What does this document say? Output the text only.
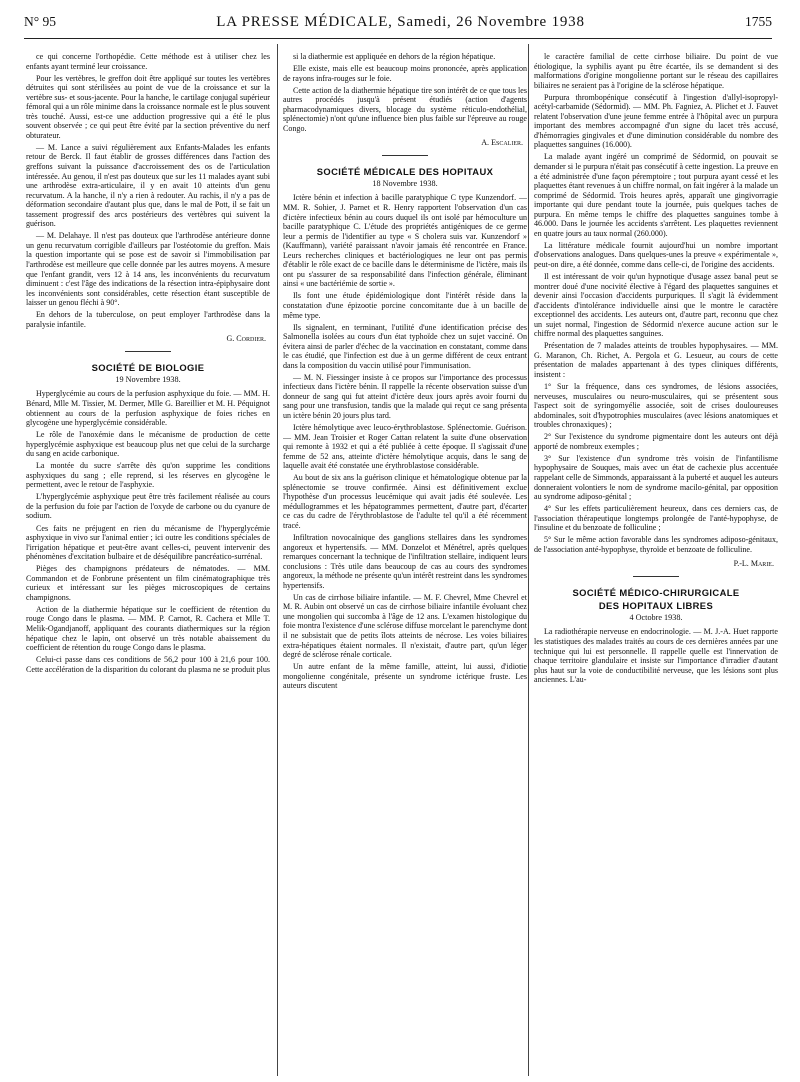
N° 95	LA PRESSE MÉDICALE, Samedi, 26 Novembre 1938	1755

ce qui concerne l'orthopédie. Cette méthode est à utiliser chez les enfants ayant terminé leur croissance.

Pour les vertèbres, le greffon doit être appliqué sur toutes les vertèbres détruites qui sont stérilisées au point de vue de la croissance et sur la vertèbre sus- et sous-jacente. Pour la hanche, le cartilage conjugal supérieur fémoral qui a un rôle minime dans la croissance normale est le plus souvent très touché. Aussi, est-ce une adduction progressive qui a été le plus souvent observée ; ce qui peut être évité par la section préventive du nerf obturateur.

— M. Lance a suivi régulièrement aux Enfants-Malades les enfants retour de Berck. Il faut établir de grosses différences dans l'action des greffons suivant la puissance d'accroissement des os de l'articulation intéressée. Au genou, il n'est pas douteux que sur les 11 malades ayant subi une arthrodèse extra-articulaire, il y en avait 10 atteints d'un genu recurvatum. A la hanche, il n'y a rien à redouter. Au rachis, il n'y a pas de déformation secondaire d'autant plus que, dans le mal de Pott, il se fait un tassement progressif des arcs postérieurs des vertèbres qui suivent la guérison.

— M. Delahaye. Il n'est pas douteux que l'arthrodèse antérieure donne un genu recurvatum corrigible d'ailleurs par l'ostéotomie du greffon. Mais la question importante qui se pose est de savoir si l'immobilisation par l'arthrodèse est meilleure que celle donnée par les autres moyens. A mesure que l'enfant grandit, vers 12 à 14 ans, les inconvénients du recurvatum diminuent : c'est l'âge des indications de la résection intra-épiphysaire dont les inconvénients sont considérables, cette résection étant susceptible de laisser un genou fléchi à 90°.

En dehors de la tuberculose, on peut employer l'arthrodèse dans la paralysie infantile.

G. Cordier.

SOCIÉTÉ DE BIOLOGIE

19 Novembre 1938.

Hyperglycémie au cours de la perfusion asphyxique du foie. — MM. H. Bénard, Mlle M. Tissier, M. Dermer, Mlle G. Bareillier et M. H. Péquignot obtiennent au cours de la perfusion asphyxique de foies riches en glycogène une hyperglycémie considérable.

Le rôle de l'anoxémie dans le mécanisme de production de cette hyperglycémie asphyxique est beaucoup plus net que celui de la surcharge du sang en acide carbonique.

La montée du sucre s'arrête dès qu'on supprime les conditions asphyxiques du sang ; elle reprend, si les réserves en glycogène le permettent, avec le retour de l'asphyxie.

L'hyperglycémie asphyxique peut être très facilement réalisée au cours de la perfusion du foie par l'action de l'oxyde de carbone ou du cyanure de sodium.

Ces faits ne préjugent en rien du mécanisme de l'hyperglycémie asphyxique in vivo sur l'animal entier ; ici outre les conditions spéciales de l'irrigation hépatique et peut-être avant celles-ci, peuvent intervenir des phénomènes d'excitation bulbaire et de déséquilibre pancréatico-surrénal.

Pièges des champignons prédateurs de nématodes. — MM. Commandon et de Fonbrune présentent un film cinématographique très curieux et intéressant sur les pièges microscopiques de certains champignons.

Action de la diathermie hépatique sur le coefficient de rétention du rouge Congo dans le plasma. — MM. P. Carnot, R. Cachera et Mlle T. Melik-Ogandjanoff, appliquant des courants diathermiques sur la région hépatique chez le lapin, ont observé un très notable abaissement du coefficient de rétention du rouge Congo dans le plasma.

Celui-ci passe dans ces conditions de 56,2 pour 100 à 21,6 pour 100. Cette accélération de la disparition du colorant du plasma ne se produit plus

si la diathermie est appliquée en dehors de la région hépatique.

Elle existe, mais elle est beaucoup moins prononcée, après application de rayons infra-rouges sur le foie.

Cette action de la diathermie hépatique tire son intérêt de ce que tous les autres procédés jusqu'à présent étudiés (action d'agents pharmacodynamiques divers, blocage du système réticulo-endothélial, splénectomie) n'ont qu'une influence bien plus faible sur l'épreuve au rouge Congo.

A. Escalier.

SOCIÉTÉ MÉDICALE DES HOPITAUX

18 Novembre 1938.

Ictère bénin et infection à bacille paratyphique C type Kunzendorf. — MM. R. Sohier, J. Parnet et R. Henry rapportent l'observation d'un cas d'ictère infectieux bénin au cours duquel ils ont isolé par hémoculture un bacille paratyphique C. L'étude des propriétés antigéniques de ce germe leur a permis de l'identifier au type « S cholera suis var. Kunzendorf » (Kauffmann), variété paraissant n'avoir jamais été rencontrée en France. Leurs recherches cliniques et bactériologiques ne leur ont pas permis d'établir le rôle exact de ce bacille dans le déterminisme de l'ictère, mais ils ont pu s'assurer de sa responsabilité dans l'infection générale, éliminant ainsi « une bactériémie de sortie ».

Ils font une étude épidémiologique dont l'intérêt réside dans la constatation d'une épizootie porcine concomitante due à un bacille de même type.

Ils signalent, en terminant, l'utilité d'une identification précise des Salmonella isolées au cours d'un état typhoïde chez un sujet vacciné. On évitera ainsi de parler d'échec de la vaccination en constatant, comme dans le cas étudié, que l'infection est due à un germe différent de ceux entrant dans la composition du vaccin utilisé pour l'immunisation.

— M. N. Fiessinger insiste à ce propos sur l'importance des processus infectieux dans l'ictère bénin. Il rappelle la récente observation suisse d'un donneur de sang qui fut atteint d'ictère deux jours après avoir fourni du sang pour une transfusion, tandis que la malade qui reçut ce sang présenta un ictère bénin 20 jours plus tard.

Ictère hémolytique avec leuco-érythroblastose. Splénectomie. Guérison. — MM. Jean Troisier et Roger Cattan relatent la suite d'une observation qui remonte à 1932 et qui a été publiée à cette époque. Il s'agissait d'une femme de 52 ans, atteinte d'ictère hémolytique acquis, dans le sang de laquelle avait été constatée une érythroblastose considérable.

Au bout de six ans la guérison clinique et hématologique obtenue par la splénectomie se trouve confirmée. Ainsi est définitivement exclue l'hypothèse d'un processus leucémique qui avait jadis été soulevée. Les médullogrammes et les hépatogrammes permettent, d'autre part, d'écarter ce cas du cadre de l'érythroblastose de l'adulte tel qu'il a été récemment tracé.

Infiltration novocaïnique des ganglions stellaires dans les syndromes angoreux et hypertensifs. — MM. Donzelot et Ménétrel, après quelques remarques concernant la technique de l'infiltration stellaire, indiquent leurs conclusions : Très utile dans beaucoup de cas au cours des syndromes angoreux, la méthode ne présente qu'un intérêt restreint dans les syndromes hypertensifs.

Un cas de cirrhose biliaire infantile. — M. F. Chevrel, Mme Chevrel et M. R. Aubin ont observé un cas de cirrhose biliaire infantile évoluant chez une mongolien qui succomba à l'âge de 12 ans. L'examen histologique du foie montra l'existence d'une sclérose diffuse morcelant le parenchyme dont il ne subsistait que de petits îlots atteints de nécrose. Les voies biliaires extra-hépatiques étaient normales. Il n'existait, d'autre part, qu'un léger degré de sclérose rénale corticale.

Un autre enfant de la même famille, atteint, lui aussi, d'idiotie mongolienne congénitale, présente un syndrome ictérique fruste. Les auteurs discutent

le caractère familial de cette cirrhose biliaire. Du point de vue étiologique, la syphilis ayant pu être écartée, ils se demandent si des malformations d'origine mongolienne portant sur le réseau des capillaires biliaires ne seraient pas à l'origine de la sclérose hépatique.

Purpura thrombopénique consécutif à l'ingestion d'allyl-isopropyl-acétyl-carbamide (Sédormid). — MM. Ph. Fagniez, A. Plichet et J. Fauvet relatent l'observation d'une jeune femme entrée à l'hôpital avec un purpura important des membres accompagné d'un signe du lacet très accusé, d'hémorragies gingivales et d'une diminution considérable du nombre des plaquettes sanguines (16.000).

La malade ayant ingéré un comprimé de Sédormid, on pouvait se demander si le purpura n'était pas consécutif à cette ingestion. La preuve en a été administrée d'une façon péremptoire ; tout purpura ayant cessé et les plaquettes étant revenues à un chiffre normal, on fait ingérer à la malade un comprimé de Sédormid. Trois heures après, apparaît une gingivorragie importante qui dure pendant toute la journée, puis quelques taches de purpura. En même temps le chiffre des plaquettes sanguines tombe à 46.000. Dans le journée les accidents s'arrêtent. Les plaquettes reviennent en quatre jours au taux normal (260.000).

La littérature médicale fournit aujourd'hui un nombre important d'observations analogues. Dans quelques-unes la preuve « expérimentale », peut-on dire, a été donnée, comme dans celle-ci, de l'origine des accidents.

Il est intéressant de voir qu'un hypnotique d'usage assez banal peut se montrer doué d'une nocivité élective à l'égard des plaquettes sanguines et devenir ainsi l'occasion d'accidents purpuriques. Il s'agit là évidemment d'accidents d'intolérance individuelle ainsi que le montre le caractère exceptionnel des accidents. Les auteurs ont, d'autre part, reconnu que chez un sujet normal, l'ingestion de Sédormid n'exerce aucune action sur le chiffre normal des plaquettes sanguines.

Présentation de 7 malades atteints de troubles hypophysaires. — MM. G. Maranon, Ch. Richet, A. Pergola et G. Lesueur, au cours de cette présentation de malades appartenant à des types cliniques différents, insistent :

1° Sur la fréquence, dans ces syndromes, de lésions associées, nerveuses, musculaires ou neuro-musculaires, qui se présentent sous l'aspect soit de syringomyélie associée, soit de crises douloureuses abdominales, soit d'hypotrophies musculaires (avec lésions anatomiques et troubles chronaxiques) ;

2° Sur l'existence du syndrome pigmentaire dont les auteurs ont déjà apporté de nombreux exemples ;

3° Sur l'existence d'un syndrome très voisin de l'infantilisme hypophysaire de Souques, mais avec un état de cachexie plus accentuée rappelant celle de Simmonds, apparaissant à la puberté et auquel les auteurs donneraient volontiers le nom de syndrome macilo-génital, par opposition au syndrome adiposo-génital ;

4° Sur les effets particulièrement heureux, dans ces derniers cas, de l'association thérapeutique longtemps prolongée de l'anté-hypophyse, de l'insuline et du benzoate de folliculine ;

5° Sur le même action favorable dans les syndromes adiposo-génitaux, de l'association anté-hypophyse, thyroïde et benzoate de folliculine.

P.-L. Marie.

SOCIÉTÉ MÉDICO-CHIRURGICALE
DES HOPITAUX LIBRES

4 Octobre 1938.

La radiothérapie nerveuse en endocrinologie. — M. J.-A. Huet rapporte les statistiques des malades traités au cours de ces dernières années par une technique qui lui est personnelle. Il rappelle quelle est l'innervation de chaque territoire glandulaire et insiste sur l'importance d'irradier d'autant plus haut sur la voie de conductibilité nerveuse, que les lésions sont plus anciennes. L'au-
